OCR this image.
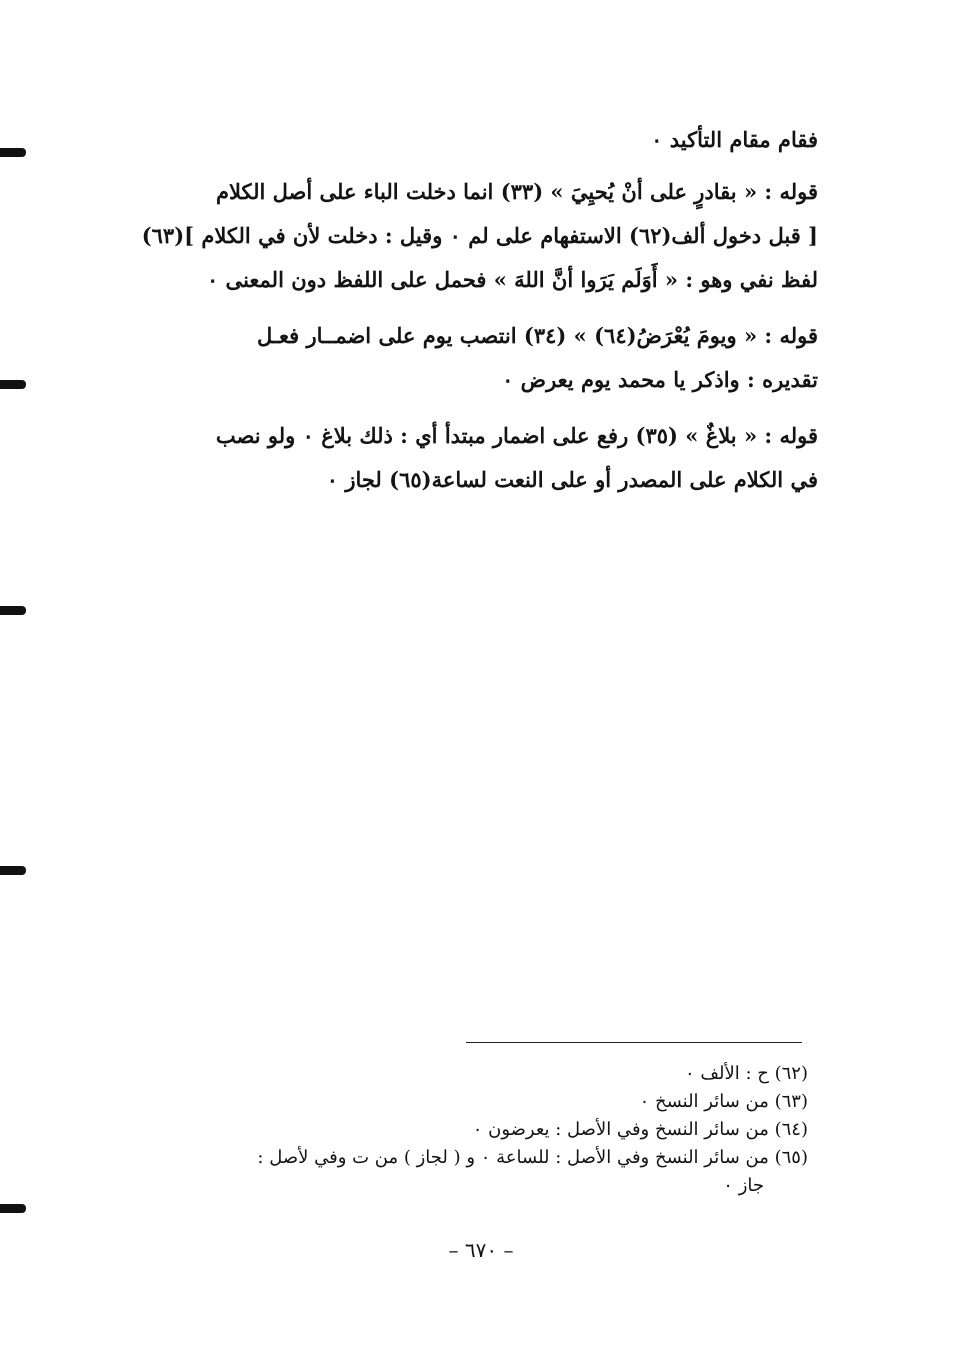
فقام مقام التأكيد ٠
قوله : « بقادرٍ على أنْ يُحيِيَ » (٣٣) انما دخلت الباء على أصل الكلام
[ قبل دخول ألف(٦٢) الاستفهام على لم ٠ وقيل : دخلت لأن في الكلام ](٦٣)
لفظ نفي وهو : « أَوَلَم يَرَوا أنَّ اللهَ » فحمل على اللفظ دون المعنى ٠
قوله : « ويومَ يُعْرَضُ(٦٤) » (٣٤) انتصب يوم على اضمــار فعـل
تقديره : واذكر يا محمد يوم يعرض ٠
قوله : « بلاغٌ » (٣٥) رفع على اضمار مبتدأ أي : ذلك بلاغ ٠ ولو نصب
في الكلام على المصدر أو على النعت لساعة(٦٥) لجاز ٠
(٦٢) ح : الألف ٠
(٦٣) من سائر النسخ ٠
(٦٤) من سائر النسخ وفي الأصل : يعرضون ٠
(٦٥) من سائر النسخ وفي الأصل : للساعة ٠ و ( لجاز ) من ت وفي لأصل :
جاز ٠
– ٦٧٠ –
